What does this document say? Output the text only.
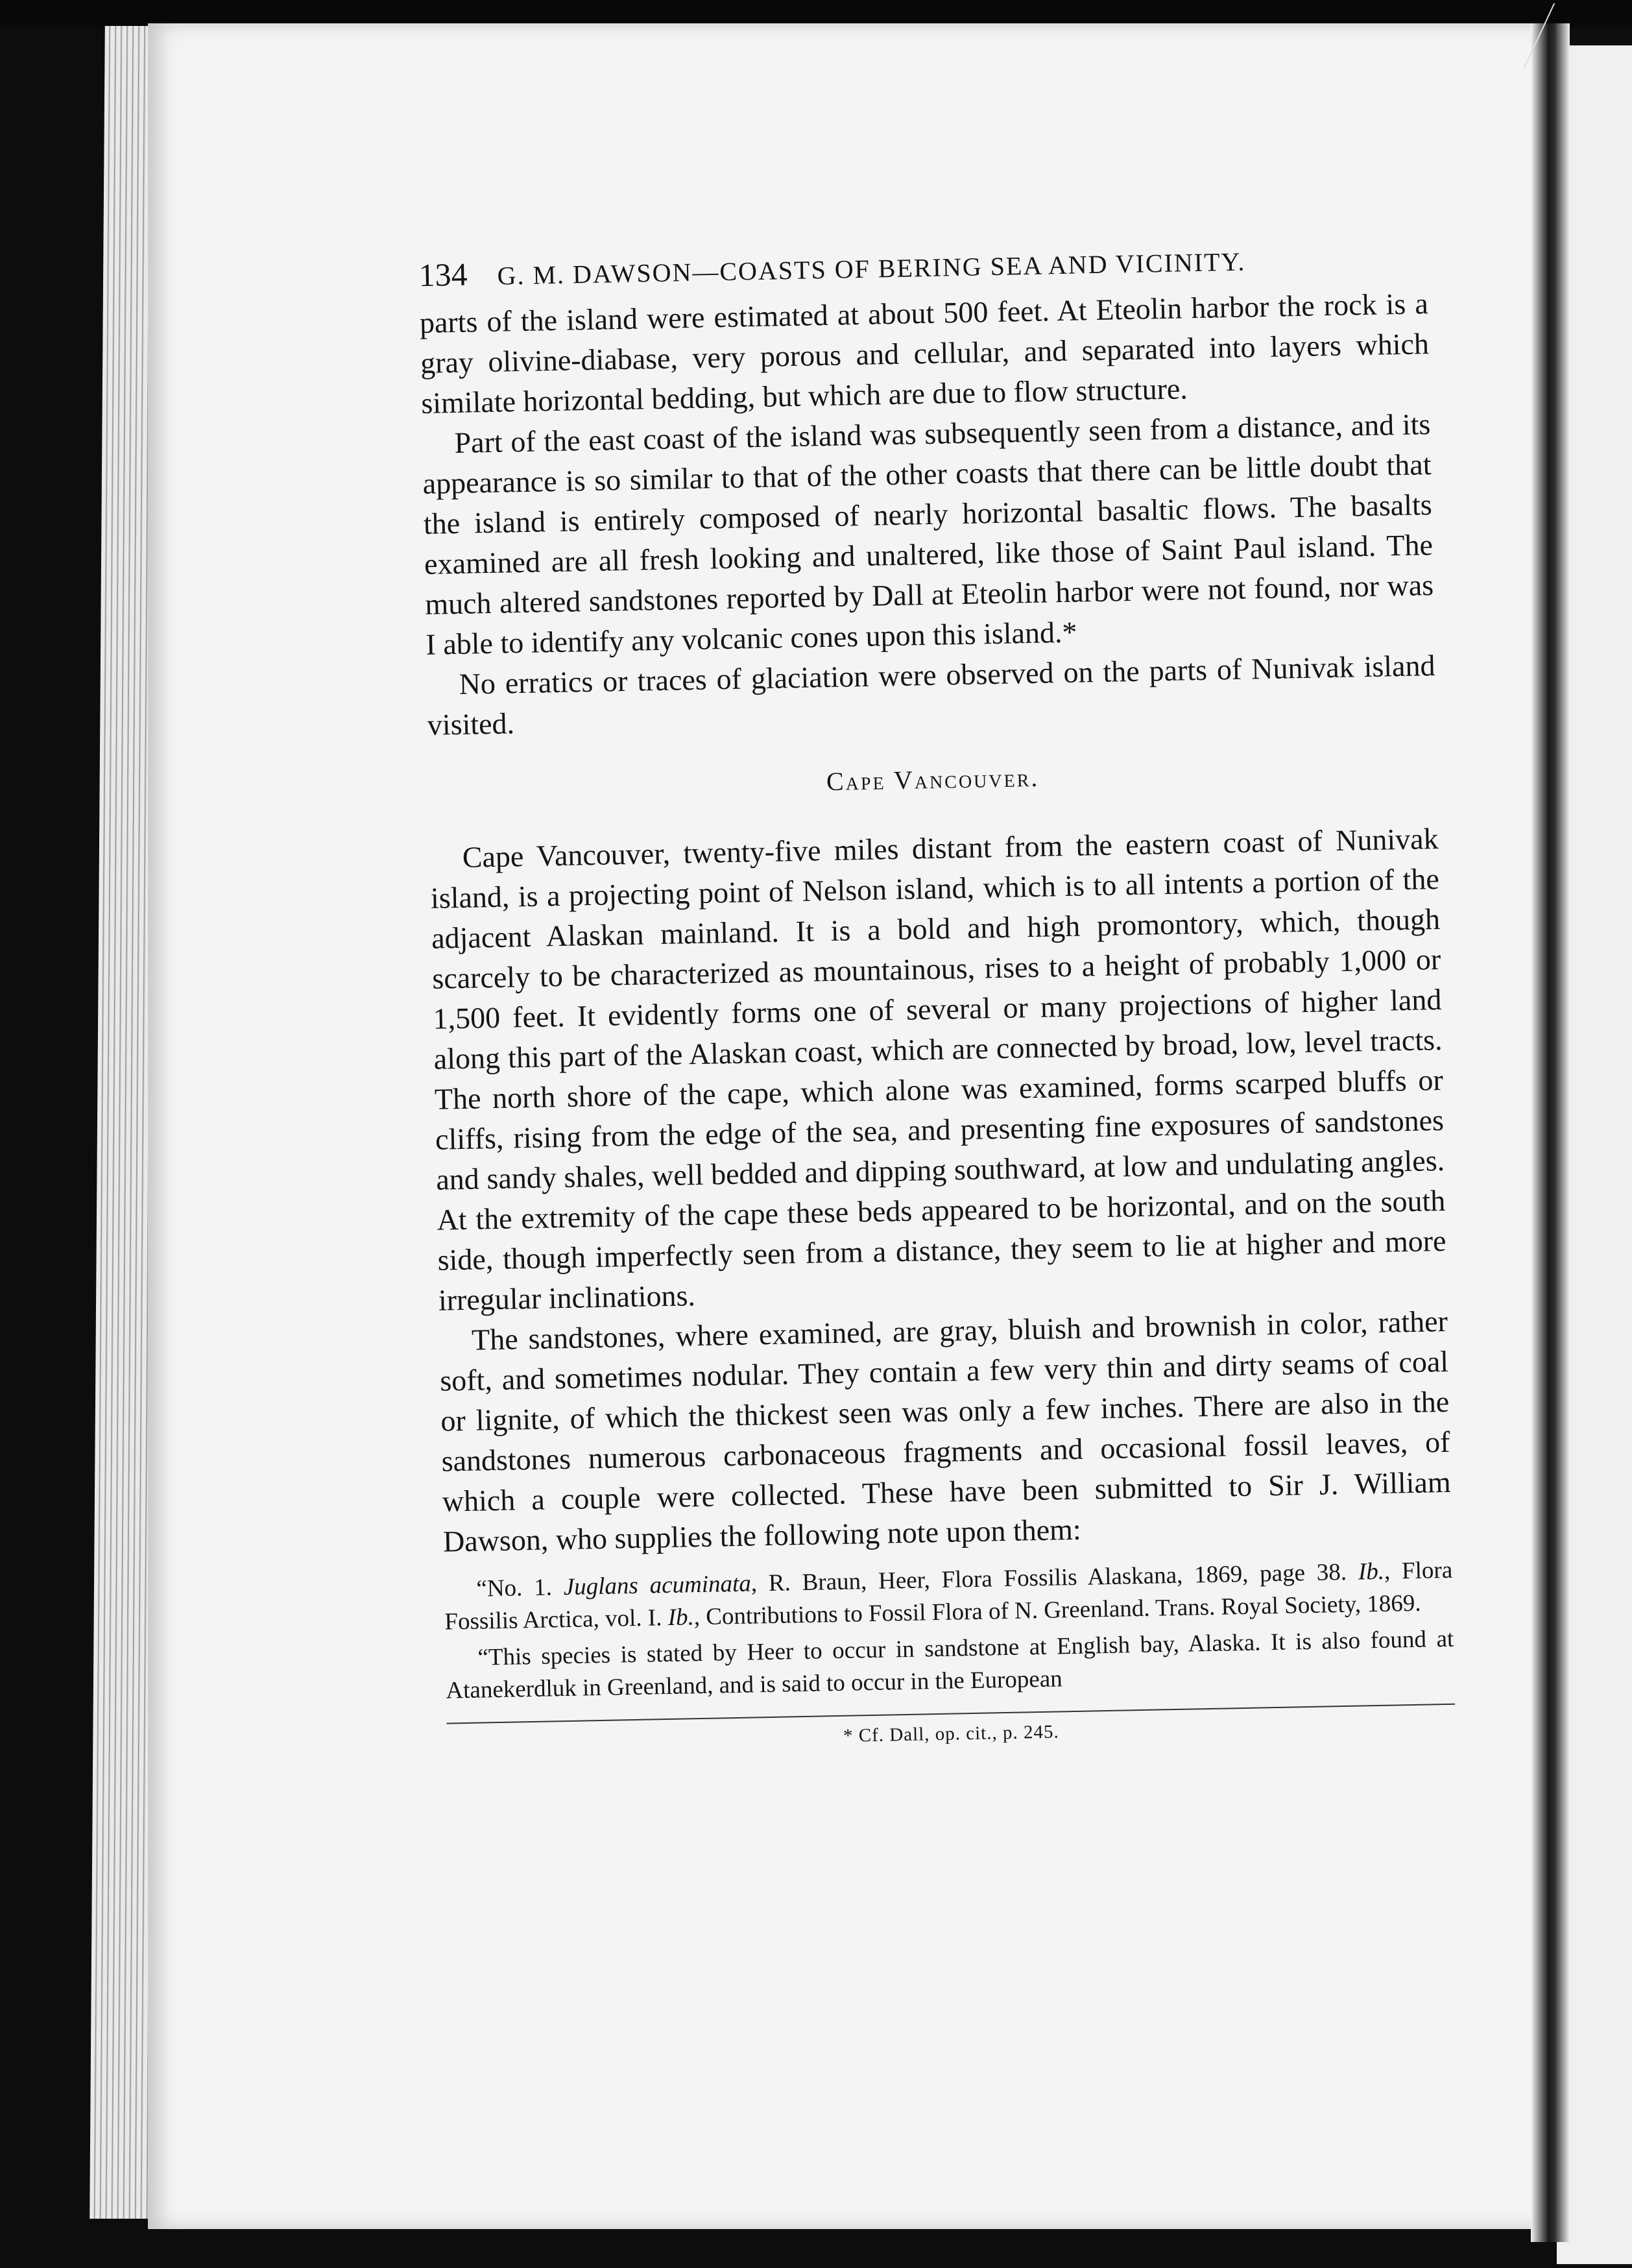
134 G. M. DAWSON—COASTS OF BERING SEA AND VICINITY.

parts of the island were estimated at about 500 feet. At Eteolin harbor the rock is a gray olivine-diabase, very porous and cellular, and separated into layers which similate horizontal bedding, but which are due to flow structure.

Part of the east coast of the island was subsequently seen from a distance, and its appearance is so similar to that of the other coasts that there can be little doubt that the island is entirely composed of nearly horizontal basaltic flows. The basalts examined are all fresh looking and unaltered, like those of Saint Paul island. The much altered sandstones reported by Dall at Eteolin harbor were not found, nor was I able to identify any volcanic cones upon this island.*

No erratics or traces of glaciation were observed on the parts of Nunivak island visited.

Cape Vancouver.

Cape Vancouver, twenty-five miles distant from the eastern coast of Nunivak island, is a projecting point of Nelson island, which is to all intents a portion of the adjacent Alaskan mainland. It is a bold and high promontory, which, though scarcely to be characterized as mountainous, rises to a height of probably 1,000 or 1,500 feet. It evidently forms one of several or many projections of higher land along this part of the Alaskan coast, which are connected by broad, low, level tracts. The north shore of the cape, which alone was examined, forms scarped bluffs or cliffs, rising from the edge of the sea, and presenting fine exposures of sandstones and sandy shales, well bedded and dipping southward, at low and undulating angles. At the extremity of the cape these beds appeared to be horizontal, and on the south side, though imperfectly seen from a distance, they seem to lie at higher and more irregular inclinations.

The sandstones, where examined, are gray, bluish and brownish in color, rather soft, and sometimes nodular. They contain a few very thin and dirty seams of coal or lignite, of which the thickest seen was only a few inches. There are also in the sandstones numerous carbonaceous fragments and occasional fossil leaves, of which a couple were collected. These have been submitted to Sir J. William Dawson, who supplies the following note upon them:

“No. 1. Juglans acuminata, R. Braun, Heer, Flora Fossilis Alaskana, 1869, page 38. Ib., Flora Fossilis Arctica, vol. I. Ib., Contributions to Fossil Flora of N. Greenland. Trans. Royal Society, 1869.
“This species is stated by Heer to occur in sandstone at English bay, Alaska. It is also found at Atanekerdluk in Greenland, and is said to occur in the European
* Cf. Dall, op. cit., p. 245.
